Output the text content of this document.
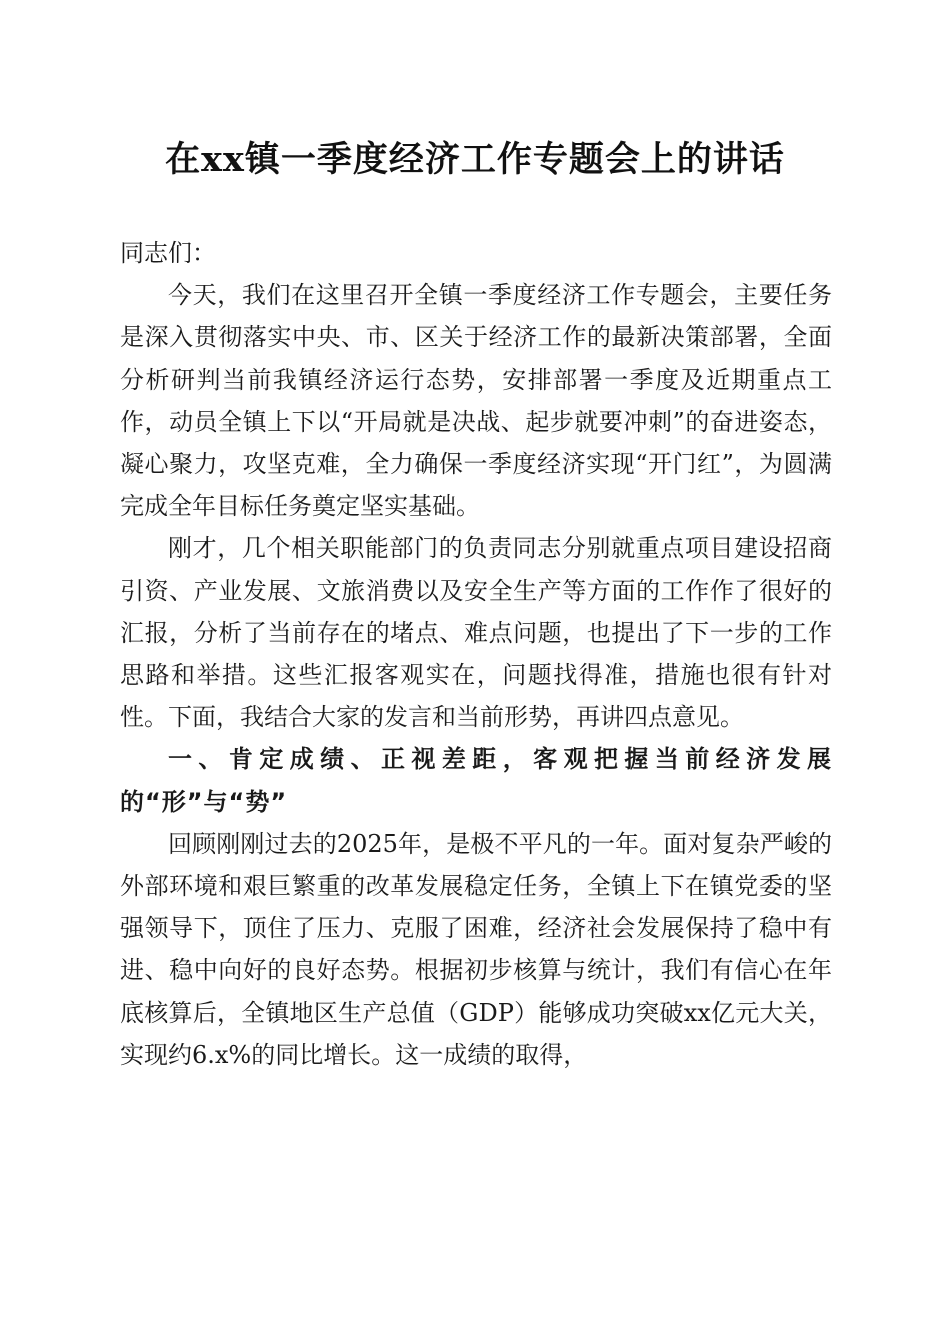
在xx镇一季度经济工作专题会上的讲话

同志们：

今天，我们在这里召开全镇一季度经济工作专题会，主要任务是深入贯彻落实中央、市、区关于经济工作的最新决策部署，全面分析研判当前我镇经济运行态势，安排部署一季度及近期重点工作，动员全镇上下以“开局就是决战、起步就要冲刺”的奋进姿态，凝心聚力，攻坚克难，全力确保一季度经济实现“开门红”，为圆满完成全年目标任务奠定坚实基础。

刚才，几个相关职能部门的负责同志分别就重点项目建设招商引资、产业发展、文旅消费以及安全生产等方面的工作作了很好的汇报，分析了当前存在的堵点、难点问题，也提出了下一步的工作思路和举措。这些汇报客观实在，问题找得准，措施也很有针对性。下面，我结合大家的发言和当前形势，再讲四点意见。

一、肯定成绩、正视差距，客观把握当前经济发展的“形”与“势”

回顾刚刚过去的2025年，是极不平凡的一年。面对复杂严峻的外部环境和艰巨繁重的改革发展稳定任务，全镇上下在镇党委的坚强领导下，顶住了压力、克服了困难，经济社会发展保持了稳中有进、稳中向好的良好态势。根据初步核算与统计，我们有信心在年底核算后，全镇地区生产总值（GDP）能够成功突破xx亿元大关，实现约6.x%的同比增长。这一成绩的取得，
